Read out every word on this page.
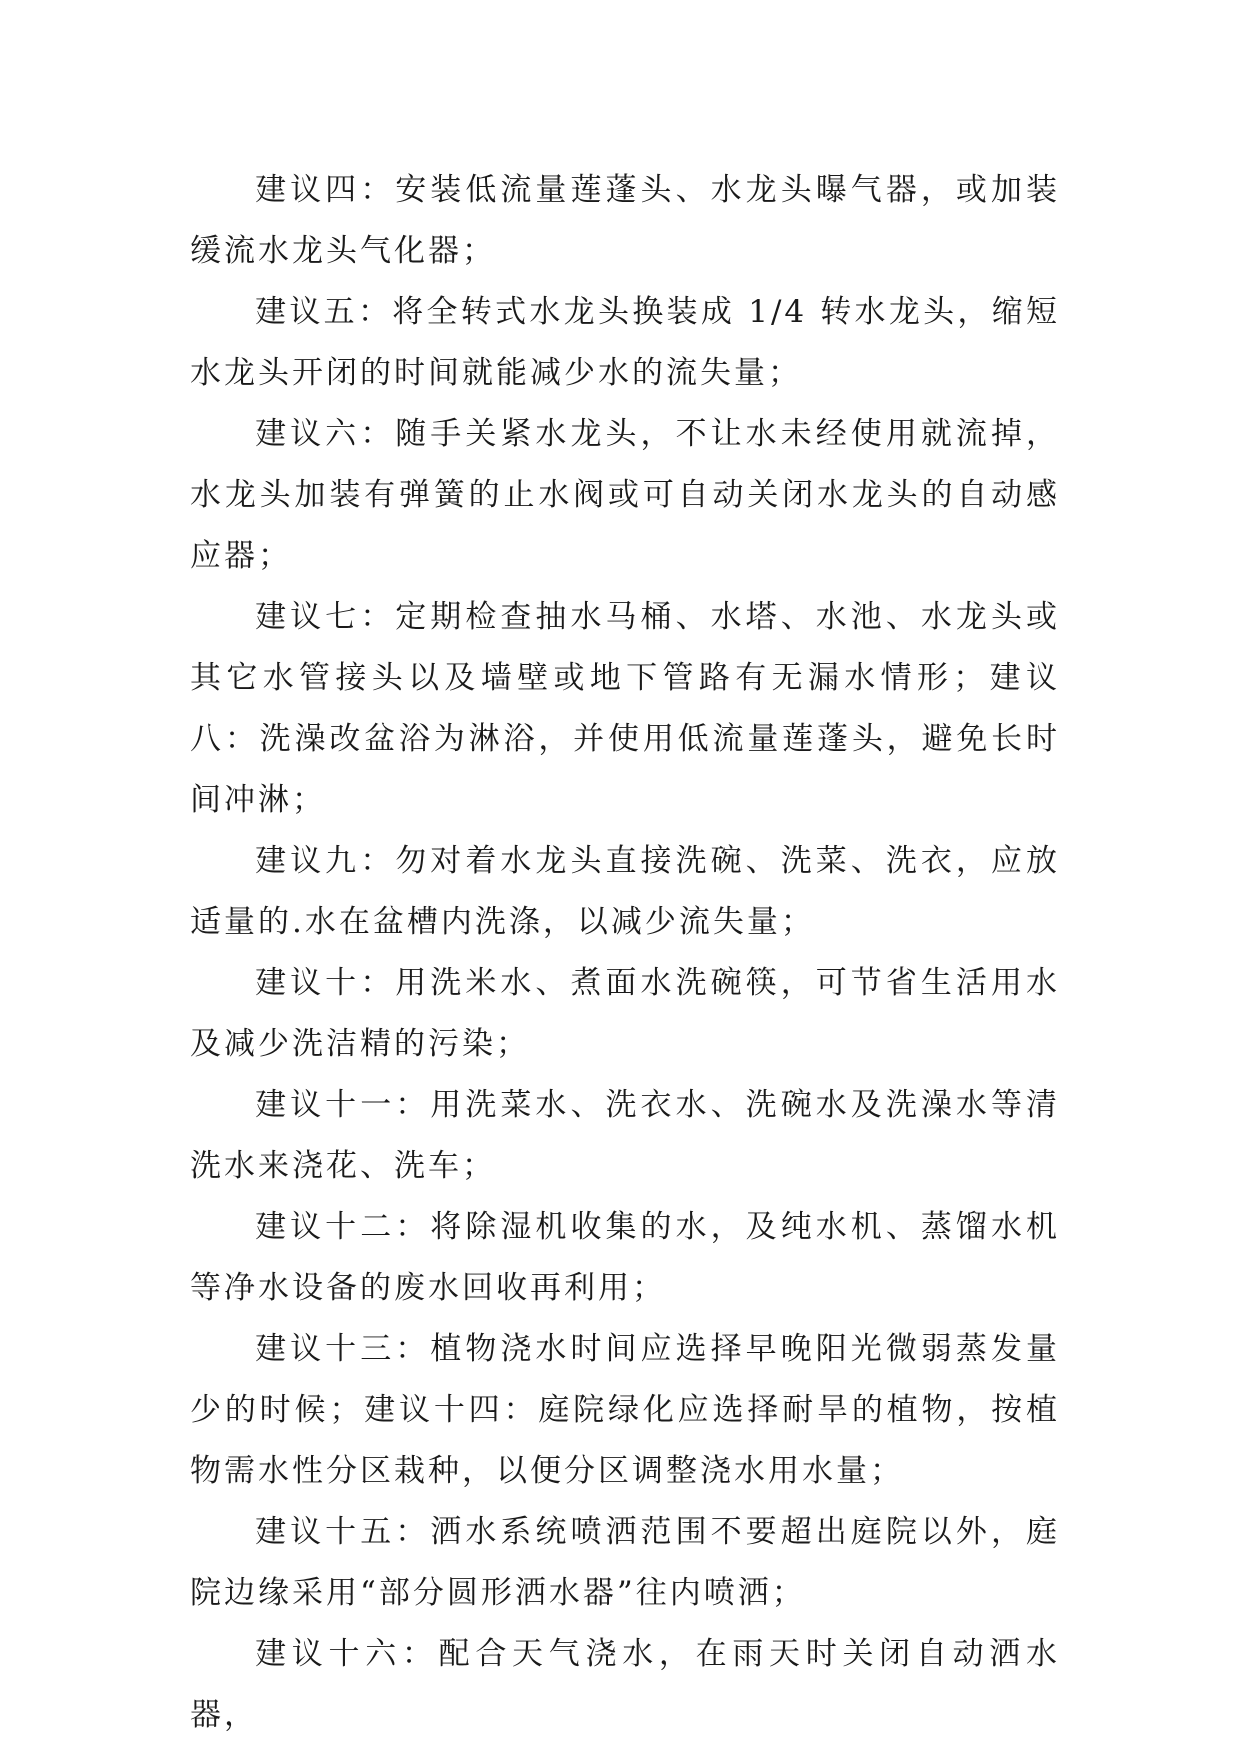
建议四：安装低流量莲蓬头、水龙头曝气器，或加装缓流水龙头气化器；

建议五：将全转式水龙头换装成 1/4 转水龙头，缩短水龙头开闭的时间就能减少水的流失量；

建议六：随手关紧水龙头，不让水未经使用就流掉，水龙头加装有弹簧的止水阀或可自动关闭水龙头的自动感应器；

建议七：定期检查抽水马桶、水塔、水池、水龙头或其它水管接头以及墙壁或地下管路有无漏水情形；建议八：洗澡改盆浴为淋浴，并使用低流量莲蓬头，避免长时间冲淋；

建议九：勿对着水龙头直接洗碗、洗菜、洗衣，应放适量的.水在盆槽内洗涤，以减少流失量；

建议十：用洗米水、煮面水洗碗筷，可节省生活用水及减少洗洁精的污染；

建议十一：用洗菜水、洗衣水、洗碗水及洗澡水等清洗水来浇花、洗车；

建议十二：将除湿机收集的水，及纯水机、蒸馏水机等净水设备的废水回收再利用；

建议十三：植物浇水时间应选择早晚阳光微弱蒸发量少的时候；建议十四：庭院绿化应选择耐旱的植物，按植物需水性分区栽种，以便分区调整浇水用水量；

建议十五：洒水系统喷洒范围不要超出庭院以外，庭院边缘采用“部分圆形洒水器”往内喷洒；

建议十六：配合天气浇水，在雨天时关闭自动洒水器，
